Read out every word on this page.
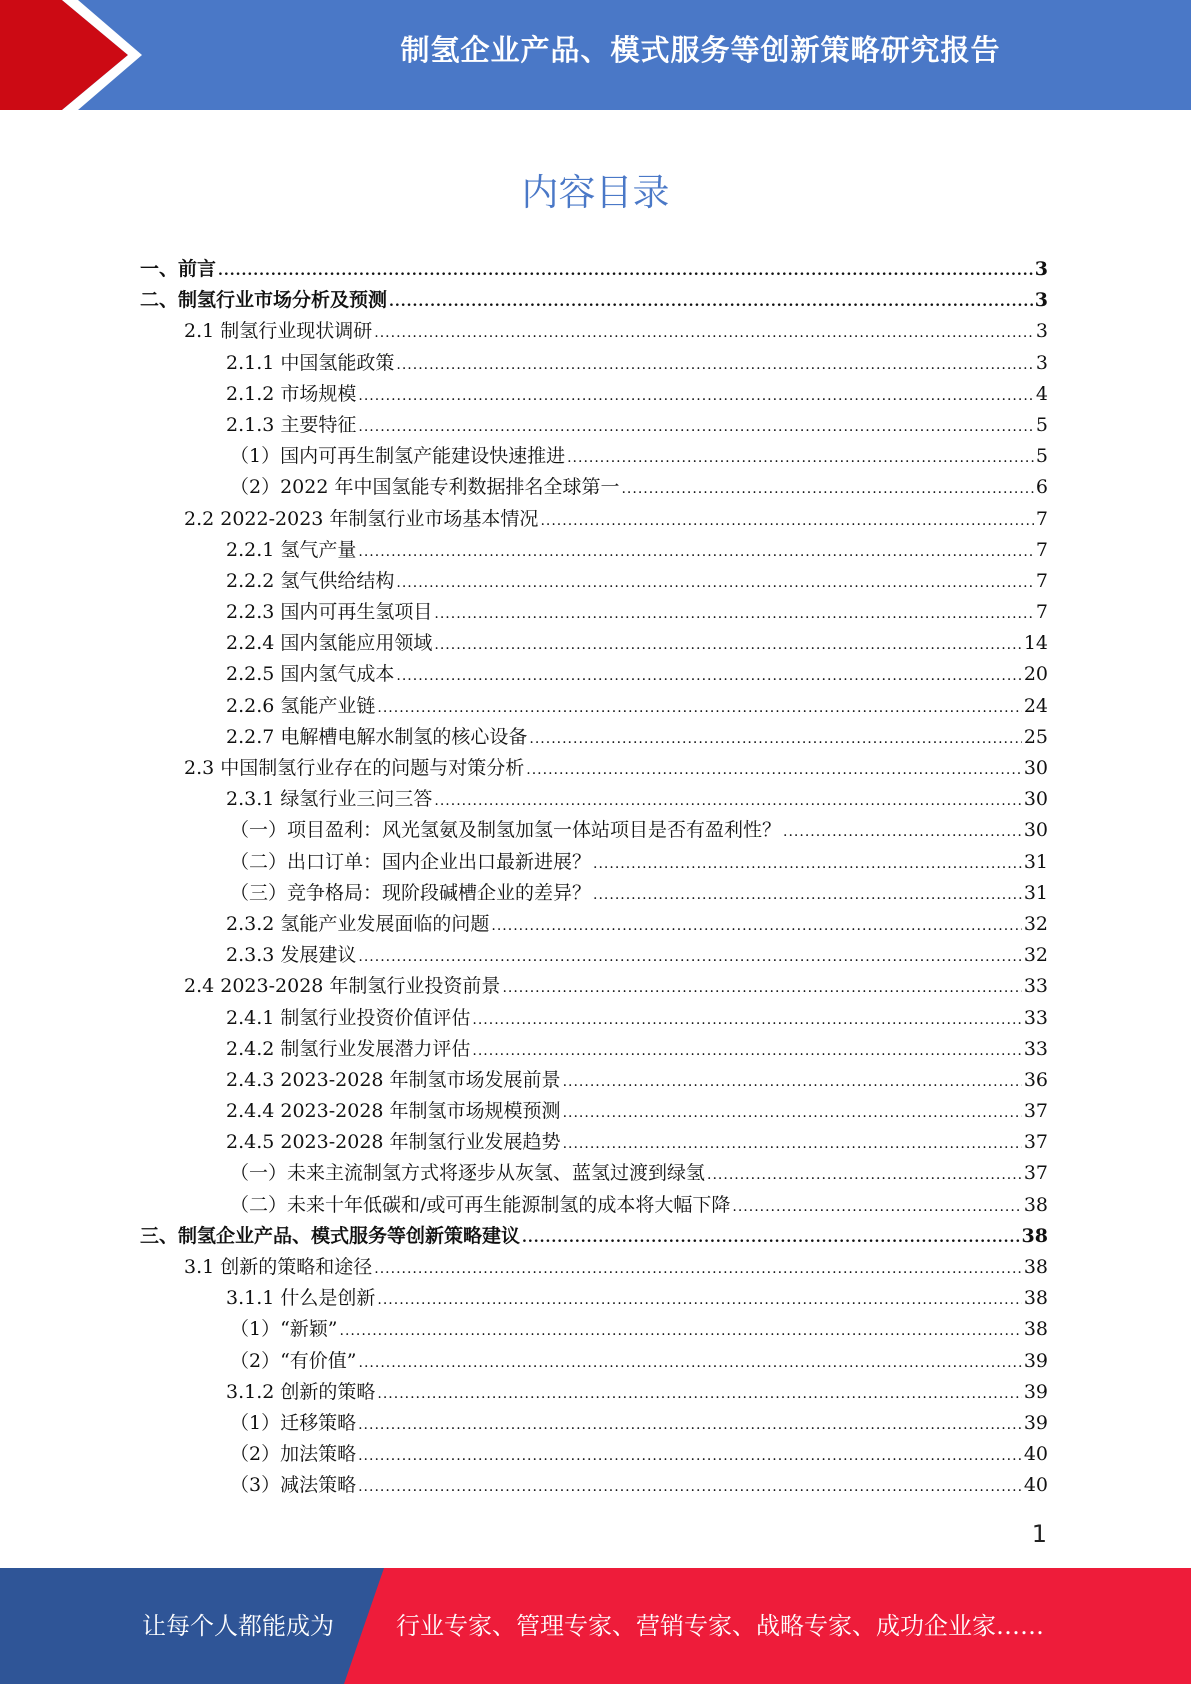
制氢企业产品、模式服务等创新策略研究报告
内容目录
一、前言 .....	3
二、制氢行业市场分析及预测 .....	3
2.1 制氢行业现状调研 .....	3
2.1.1 中国氢能政策 .....	3
2.1.2 市场规模 .....	4
2.1.3 主要特征 .....	5
（1）国内可再生制氢产能建设快速推进 .....	5
（2）2022 年中国氢能专利数据排名全球第一 .....	6
2.2 2022-2023 年制氢行业市场基本情况 .....	7
2.2.1 氢气产量 .....	7
2.2.2 氢气供给结构 .....	7
2.2.3 国内可再生氢项目 .....	7
2.2.4 国内氢能应用领域 .....	14
2.2.5 国内氢气成本 .....	20
2.2.6 氢能产业链 .....	24
2.2.7 电解槽电解水制氢的核心设备 .....	25
2.3 中国制氢行业存在的问题与对策分析 .....	30
2.3.1 绿氢行业三问三答 .....	30
（一）项目盈利：风光氢氨及制氢加氢一体站项目是否有盈利性？ .....	30
（二）出口订单：国内企业出口最新进展？ .....	31
（三）竞争格局：现阶段碱槽企业的差异？ .....	31
2.3.2 氢能产业发展面临的问题 .....	32
2.3.3 发展建议 .....	32
2.4 2023-2028 年制氢行业投资前景 .....	33
2.4.1 制氢行业投资价值评估 .....	33
2.4.2 制氢行业发展潜力评估 .....	33
2.4.3 2023-2028 年制氢市场发展前景 .....	36
2.4.4 2023-2028 年制氢市场规模预测 .....	37
2.4.5 2023-2028 年制氢行业发展趋势 .....	37
（一）未来主流制氢方式将逐步从灰氢、蓝氢过渡到绿氢 .....	37
（二）未来十年低碳和/或可再生能源制氢的成本将大幅下降 .....	38
三、制氢企业产品、模式服务等创新策略建议 .....	38
3.1 创新的策略和途径 .....	38
3.1.1 什么是创新 .....	38
（1）“新颖” .....	38
（2）“有价值” .....	39
3.1.2 创新的策略 .....	39
（1）迁移策略 .....	39
（2）加法策略 .....	40
（3）减法策略 .....	40
1
让每个人都能成为	行业专家、管理专家、营销专家、战略专家、成功企业家……
